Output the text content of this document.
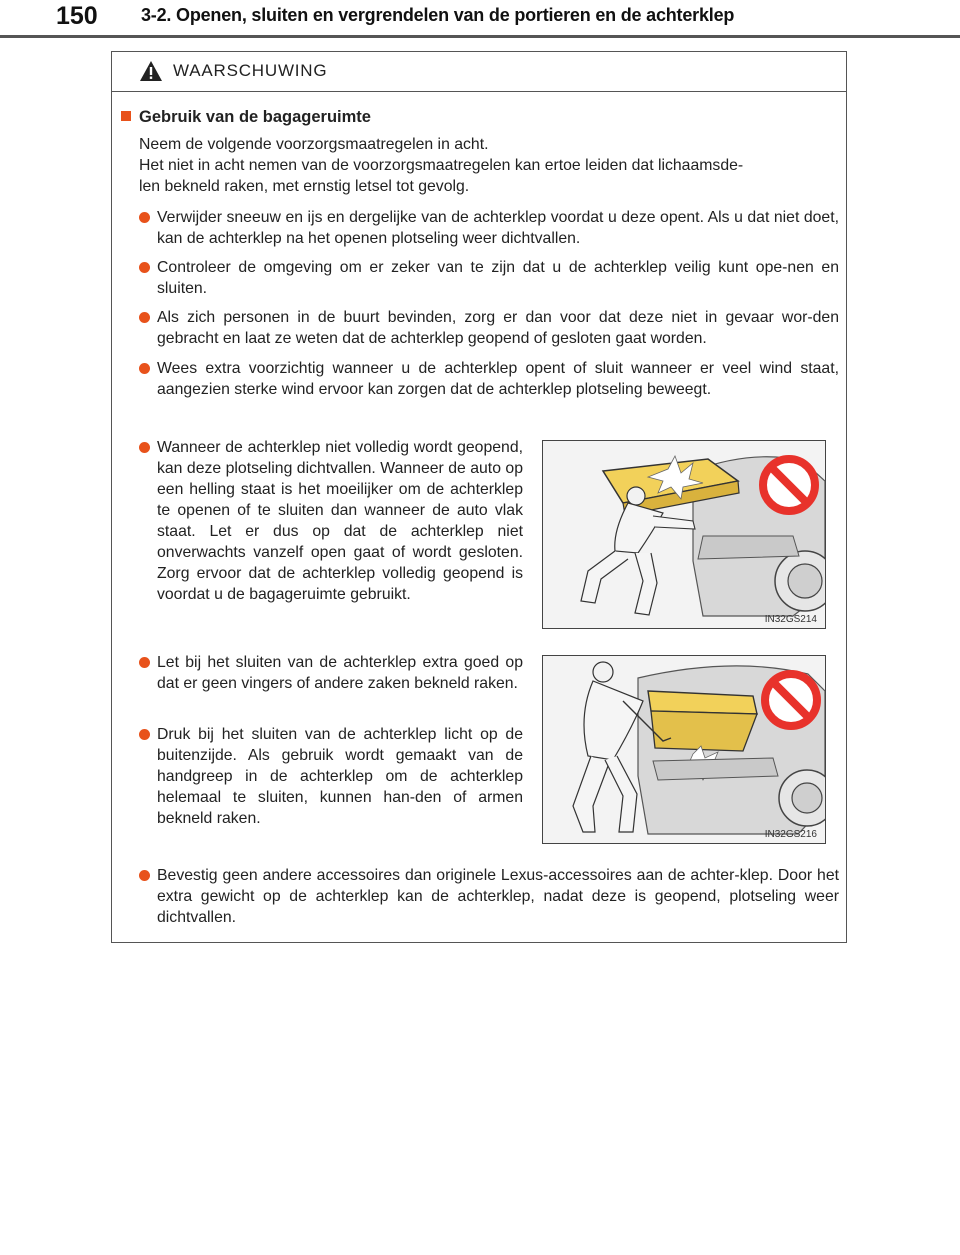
150 3-2. Openen, sluiten en vergrendelen van de portieren en de achterklep
WAARSCHUWING
Gebruik van de bagageruimte
Neem de volgende voorzorgsmaatregelen in acht.
Het niet in acht nemen van de voorzorgsmaatregelen kan ertoe leiden dat lichaamsde-
len bekneld raken, met ernstig letsel tot gevolg.
Verwijder sneeuw en ijs en dergelijke van de achterklep voordat u deze opent. Als u dat niet doet, kan de achterklep na het openen plotseling weer dichtvallen.
Controleer de omgeving om er zeker van te zijn dat u de achterklep veilig kunt ope-nen en sluiten.
Als zich personen in de buurt bevinden, zorg er dan voor dat deze niet in gevaar wor-den gebracht en laat ze weten dat de achterklep geopend of gesloten gaat worden.
Wees extra voorzichtig wanneer u de achterklep opent of sluit wanneer er veel wind staat, aangezien sterke wind ervoor kan zorgen dat de achterklep plotseling beweegt.
Wanneer de achterklep niet volledig wordt geopend, kan deze plotseling dichtvallen. Wanneer de auto op een helling staat is het moeilijker om de achterklep te openen of te sluiten dan wanneer de auto vlak staat. Let er dus op dat de achterklep niet onverwachts vanzelf open gaat of wordt gesloten. Zorg ervoor dat de achterklep volledig geopend is voordat u de bagageruimte gebruikt.
Let bij het sluiten van de achterklep extra goed op dat er geen vingers of andere zaken bekneld raken.
Druk bij het sluiten van de achterklep licht op de buitenzijde. Als gebruik wordt gemaakt van de handgreep in de achterklep om de achterklep helemaal te sluiten, kunnen han-den of armen bekneld raken.
Bevestig geen andere accessoires dan originele Lexus-accessoires aan de achter-klep. Door het extra gewicht op de achterklep kan de achterklep, nadat deze is geopend, plotseling weer dichtvallen.
IN32GS214
IN32GS216
